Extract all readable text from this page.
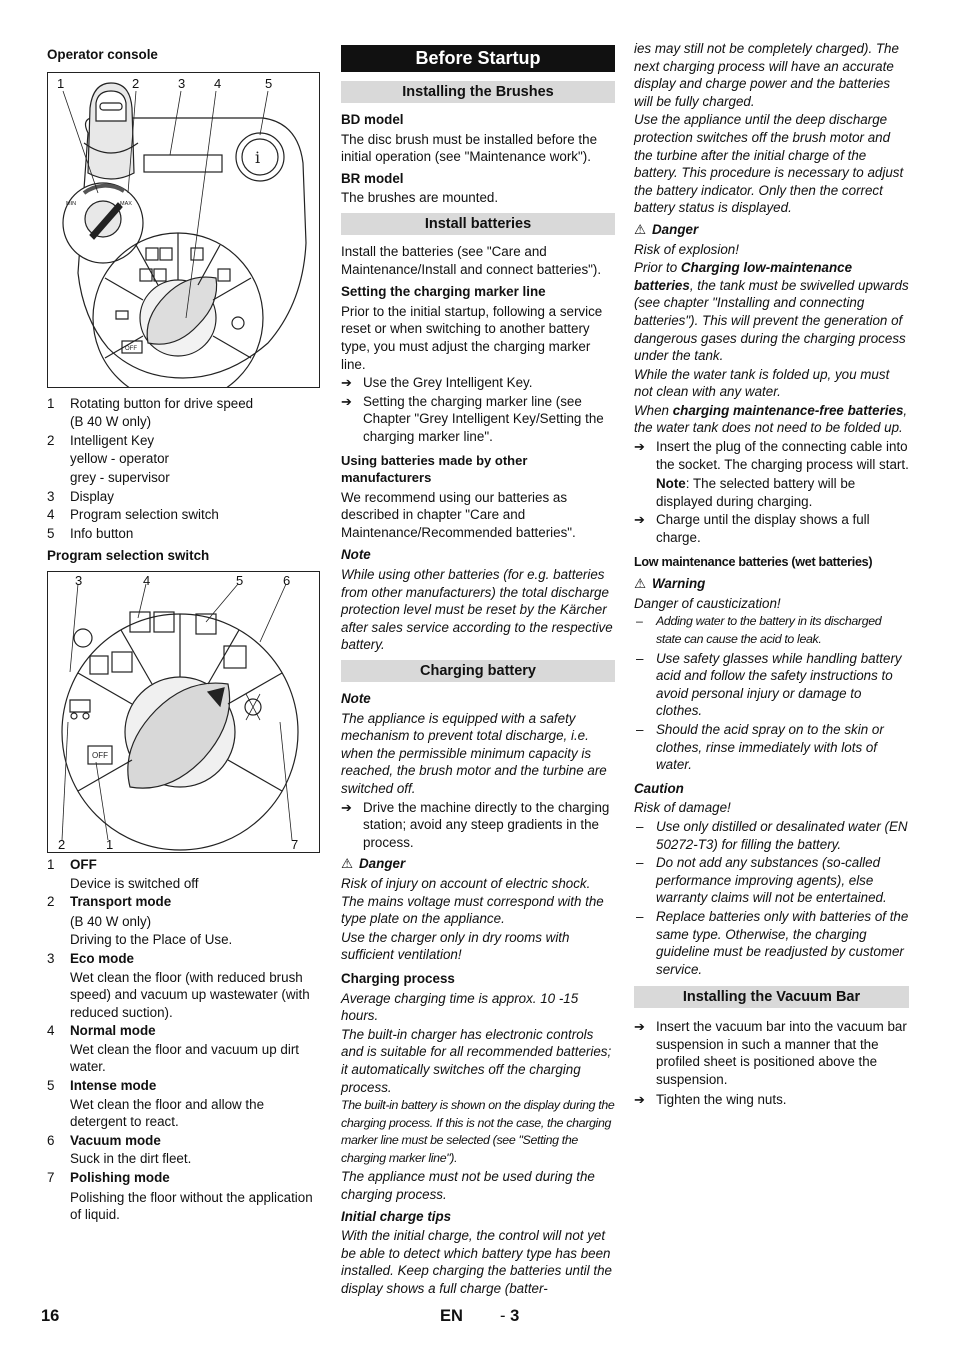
Operator console
i
MIN	MAX
OFF
1	2	3 4	5
1	Rotating button for drive speed
(B 40 W only)
2	Intelligent Key
yellow - operator
grey - supervisor
3	Display
4	Program selection switch
5	Info button
Program selection switch
OFF
3	4	5	6
2	1	7
1	OFF
Device is switched off
2	Transport mode
(B 40 W only)
Driving to the Place of Use.
3	Eco mode
Wet clean the floor (with reduced brush speed) and vacuum up wastewater (with reduced suction).
4	Normal mode
Wet clean the floor and vacuum up dirt water.
5	Intense mode
Wet clean the floor and allow the detergent to react.
6	Vacuum mode
Suck in the dirt fleet.
7	Polishing mode
Polishing the floor without the application of liquid.
Before Startup
Installing the Brushes
BD model

The disc brush must be installed before the initial operation (see "Maintenance work").

BR model

The brushes are mounted.

Install batteries

Install the batteries (see "Care and Maintenance/Install and connect batteries").

Setting the charging marker line

Prior to the initial startup, following a service reset or when switching to another battery type, you must adjust the charging marker line.

➔ Use the Grey Intelligent Key.
➔ Setting the charging marker line (see Chapter "Grey Intelligent Key/Setting the charging marker line".
Using batteries made by other manufacturers

We recommend using our batteries as described in chapter "Care and Maintenance/Recommended batteries".

Note

While using other batteries (for e.g. batteries from other manufacturers) the total discharge protection level must be reset by the Kärcher after sales service according to the respective battery.

Charging battery
Note

The appliance is equipped with a safety mechanism to prevent total discharge, i.e. when the permissible minimum capacity is reached, the brush motor and the turbine are switched off.

➔ Drive the machine directly to the charging station; avoid any steep gradients in the process.
⚠ Danger

Risk of injury on account of electric shock. The mains voltage must correspond with the type plate on the appliance.

Use the charger only in dry rooms with sufficient ventilation!

Charging process

Average charging time is approx. 10 -15 hours.

The built-in charger has electronic controls and is suitable for all recommended batteries; it automatically switches off the charging process.

The built-in battery is shown on the display during the charging process. If this is not the case, the charging marker line must be selected (see "Setting the charging marker line").

The appliance must not be used during the charging process.

Initial charge tips

With the initial charge, the control will not yet be able to detect which battery type has been installed. Keep charging the batteries until the display shows a full charge (batter-

ies may still not be completely charged). The next charging process will have an accurate display and charge power and the batteries will be fully charged.

Use the appliance until the deep discharge protection switches off the brush motor and the turbine after the initial charge of the battery. This procedure is necessary to adjust the battery indicator. Only then the correct battery status is displayed.

⚠ Danger

Risk of explosion!

Prior to Charging low-maintenance batteries, the tank must be swivelled upwards (see chapter "Installing and connecting batteries"). This will prevent the generation of dangerous gases during the charging process under the tank.

While the water tank is folded up, you must not clean with any water.

When charging maintenance-free batteries, the water tank does not need to be folded up.

➔ Insert the plug of the connecting cable into the socket. The charging process will start.
Note: The selected battery will be displayed during charging.
➔ Charge until the display shows a full charge.
Low maintenance batteries (wet batteries)
⚠ Warning

Danger of causticization!

– Adding water to the battery in its discharged state can cause the acid to leak.
– Use safety glasses while handling battery acid and follow the safety instructions to avoid personal injury or damage to clothes.
– Should the acid spray on to the skin or clothes, rinse immediately with lots of water.
Caution

Risk of damage!

– Use only distilled or desalinated water (EN 50272-T3) for filling the battery.
– Do not add any substances (so-called performance improving agents), else warranty claims will not be entertained.
– Replace batteries only with batteries of the same type. Otherwise, the charging guideline must be readjusted by customer service.
Installing the Vacuum Bar
➔ Insert the vacuum bar into the vacuum bar suspension in such a manner that the profiled sheet is positioned above the suspension.
➔ Tighten the wing nuts.
16	EN - 3
